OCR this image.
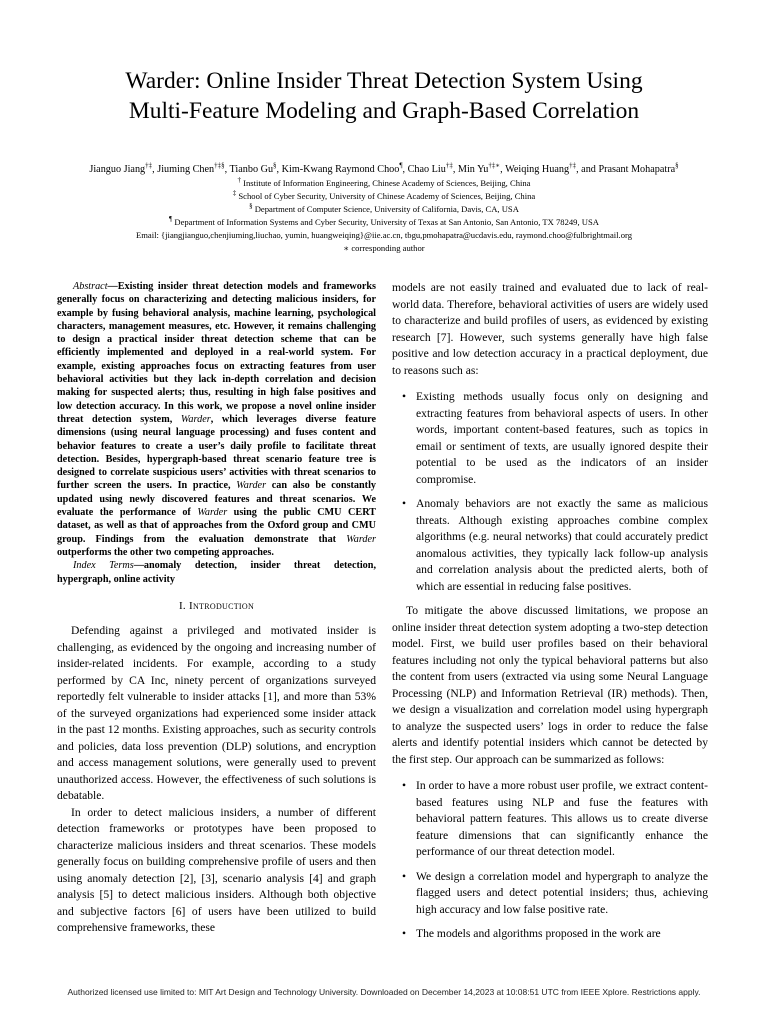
Warder: Online Insider Threat Detection System Using
Multi-Feature Modeling and Graph-Based Correlation
Jianguo Jiang†‡, Jiuming Chen†‡§, Tianbo Gu§, Kim-Kwang Raymond Choo¶, Chao Liu†‡, Min Yu†‡∗, Weiqing Huang†‡, and Prasant Mohapatra§
† Institute of Information Engineering, Chinese Academy of Sciences, Beijing, China
‡ School of Cyber Security, University of Chinese Academy of Sciences, Beijing, China
§ Department of Computer Science, University of California, Davis, CA, USA
¶ Department of Information Systems and Cyber Security, University of Texas at San Antonio, San Antonio, TX 78249, USA
Email: {jiangjianguo,chenjiuming,liuchao, yumin, huangweiqing}@iie.ac.cn, tbgu,pmohapatra@ucdavis.edu, raymond.choo@fulbrightmail.org
∗ corresponding author

Abstract—Existing insider threat detection models and frameworks generally focus on characterizing and detecting malicious insiders, for example by fusing behavioral analysis, machine learning, psychological characters, management measures, etc. However, it remains challenging to design a practical insider threat detection scheme that can be efficiently implemented and deployed in a real-world system. For example, existing approaches focus on extracting features from user behavioral activities but they lack in-depth correlation and decision making for suspected alerts; thus, resulting in high false positives and low detection accuracy. In this work, we propose a novel online insider threat detection system, Warder, which leverages diverse feature dimensions (using neural language processing) and fuses content and behavior features to create a user’s daily profile to facilitate threat detection. Besides, hypergraph-based threat scenario feature tree is designed to correlate suspicious users’ activities with threat scenarios to further screen the users. In practice, Warder can also be constantly updated using newly discovered features and threat scenarios. We evaluate the performance of Warder using the public CMU CERT dataset, as well as that of approaches from the Oxford group and CMU group. Findings from the evaluation demonstrate that Warder outperforms the other two competing approaches.

Index Terms—anomaly detection, insider threat detection, hypergraph, online activity

I. Introduction

Defending against a privileged and motivated insider is challenging, as evidenced by the ongoing and increasing number of insider-related incidents. For example, according to a study performed by CA Inc, ninety percent of organizations surveyed reportedly felt vulnerable to insider attacks [1], and more than 53% of the surveyed organizations had experienced some insider attack in the past 12 months. Existing approaches, such as security controls and policies, data loss prevention (DLP) solutions, and encryption and access management solutions, were generally used to prevent unauthorized access. However, the effectiveness of such solutions is debatable.

In order to detect malicious insiders, a number of different detection frameworks or prototypes have been proposed to characterize malicious insiders and threat scenarios. These models generally focus on building comprehensive profile of users and then using anomaly detection [2], [3], scenario analysis [4] and graph analysis [5] to detect malicious insiders. Although both objective and subjective factors [6] of users have been utilized to build comprehensive frameworks, these

models are not easily trained and evaluated due to lack of real-world data. Therefore, behavioral activities of users are widely used to characterize and build profiles of users, as evidenced by existing research [7]. However, such systems generally have high false positive and low detection accuracy in a practical deployment, due to reasons such as:

• Existing methods usually focus only on designing and extracting features from behavioral aspects of users. In other words, important content-based features, such as topics in email or sentiment of texts, are usually ignored despite their potential to be used as the indicators of an insider compromise.
• Anomaly behaviors are not exactly the same as malicious threats. Although existing approaches combine complex algorithms (e.g. neural networks) that could accurately predict anomalous activities, they typically lack follow-up analysis and correlation analysis about the predicted alerts, both of which are essential in reducing false positives.

To mitigate the above discussed limitations, we propose an online insider threat detection system adopting a two-step detection model. First, we build user profiles based on their behavioral features including not only the typical behavioral patterns but also the content from users (extracted via using some Neural Language Processing (NLP) and Information Retrieval (IR) methods). Then, we design a visualization and correlation model using hypergraph to analyze the suspected users’ logs in order to reduce the false alerts and identify potential insiders which cannot be detected by the first step. Our approach can be summarized as follows:

• In order to have a more robust user profile, we extract content-based features using NLP and fuse the features with behavioral pattern features. This allows us to create diverse feature dimensions that can significantly enhance the performance of our threat detection model.
• We design a correlation model and hypergraph to analyze the flagged users and detect potential insiders; thus, achieving high accuracy and low false positive rate.
• The models and algorithms proposed in the work are
Authorized licensed use limited to: MIT Art Design and Technology University. Downloaded on December 14,2023 at 10:08:51 UTC from IEEE Xplore. Restrictions apply.
